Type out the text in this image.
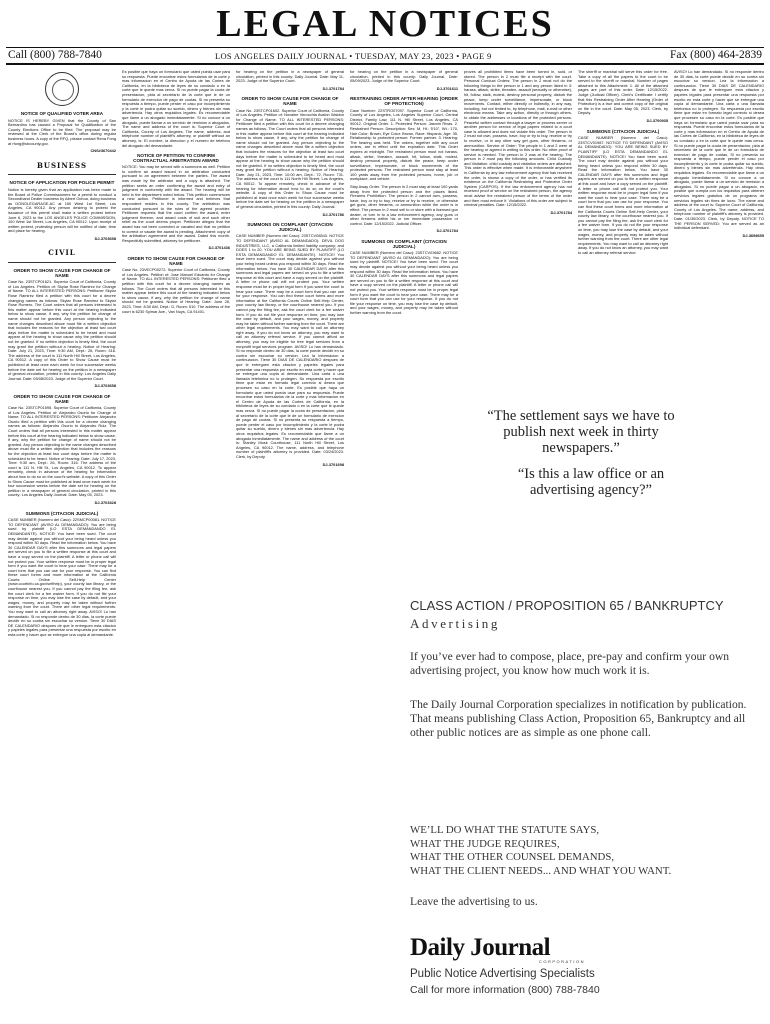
LEGAL NOTICES
Call (800) 788-7840	LOS ANGELES DAILY JOURNAL • TUESDAY, MAY 23, 2023 • PAGE 9	Fax (800) 464-2839
NOTICE OF QUALIFIED VOTER AREA

NOTICE IS HEREBY GIVEN that the County of San Bernardino has caused a Proposal for Qualification of the County Elections Office to be filed. The proposal may be reviewed at the Clerk of the Board's office during regular business hours. A copy of the RFQ, please contact Rena Fong at rfong@sbcounty.gov.

CNS#3670442

BUSINESS
NOTICE OF APPLICATION FOR POLICE PERMIT

Notice is hereby given that an application has been made to the Board of Police Commissioners for a permit to conduct a Secondhand Dealer business by Albert Ochoa, doing business as DONGLEGARAGE.AC at 150 West 1st Street, Los Angeles, CA 90012. Any person desiring to protest the issuance of this permit shall make a written protest before June 6, 2023 to the LOS ANGELES POLICE COMMISSION, 100 West 1st Street, Los Angeles, CA 90012. Upon receipt of written protest, protesting person will be notified of date, time and place for hearing.

DJ-3703698

CIVIL
ORDER TO SHOW CAUSE FOR CHANGE OF NAME

Case No. 23STCP01621. Superior Court of California, County of Los Angeles. Petition of: Skylar Rose Ramirez for Change of Name. TO ALL INTERESTED PERSONS: Petitioner Skylar Rose Ramirez filed a petition with this court for a decree changing names as follows: Skylar Rose Ramirez to Skylar Rose Romero. The Court orders that all persons interested in this matter appear before this court at the hearing indicated below to show cause, if any, why the petition for change of name should not be granted. Any person objecting to the name changes described above must file a written objection that includes the reasons for the objection at least two court days before the matter is scheduled to be heard and must appear at the hearing to show cause why the petition should not be granted. If no written objection is timely filed, the court may grant the petition without a hearing. Notice of Hearing: Date: July 21, 2023, Time: 9:30 AM, Dept.: 26, Room: 316. The address of the court is 111 North Hill Street, Los Angeles, CA 90012. A copy of this Order to Show Cause must be published at least once each week for four successive weeks before the date set for hearing on the petition in a newspaper of general circulation, printed in this county: Los Angeles Daily Journal. Date: 05/08/2023. Judge of the Superior Court.

DJ-3703658

ORDER TO SHOW CAUSE FOR CHANGE OF NAME

Case No. 23STCP01595. Superior Court of California, County of Los Angeles. Petition of: Alejandro Osorio for Change of Name. TO ALL INTERESTED PERSONS: Petitioner Alejandro Osorio filed a petition with this court for a decree changing names as follows: Alejandro Osorio to Alejandro Ruiz. The Court orders that all persons interested in this matter appear before this court at the hearing indicated below to show cause, if any, why the petition for change of name should not be granted. Any person objecting to the name changes described above must file a written objection that includes the reasons for the objection at least two court days before the matter is scheduled to be heard. Notice of Hearing: Date: July 17, 2023, Time: 9:30 am, Dept.: 26, Room: 316. The address of the court is 111 N. Hill St., Los Angeles, CA 90012. To appear remotely, check in advance of the hearing for information about how to do so on the court's website. A copy of this Order to Show Cause must be published at least once each week for four successive weeks before the date set for hearing on the petition in a newspaper of general circulation, printed in this county: Los Angeles Daily Journal. Date: May 05, 2023.

DJ-3703328

SUMMONS (CITACION JUDICIAL)

CASE NUMBER (Numero del Caso): 22SMCP00081. NOTICE TO DEFENDANT (AVISO AL DEMANDADO): You are being sued by plaintiff (LO ESTA DEMANDANDO EL DEMANDANTE). NOTICE! You have been sued. The court may decide against you without your being heard unless you respond within 30 days. Read the information below. You have 30 CALENDAR DAYS after this summons and legal papers are served on you to file a written response at this court and have a copy served on the plaintiff. A letter or phone call will not protect you. Your written response must be in proper legal form if you want the court to hear your case. There may be a court form that you can use for your response. You can find these court forms and more information at the California Courts Online Self-Help Center (www.courtinfo.ca.gov/selfhelp), your county law library, or the courthouse nearest you. If you cannot pay the filing fee, ask the court clerk for a fee waiver form. If you do not file your response on time, you may lose the case by default, and your wages, money, and property may be taken without further warning from the court. There are other legal requirements. You may want to call an attorney right away. AVISO! Lo han demandado. Si no responde dentro de 30 dias, la corte puede decidir en su contra sin escuchar su version. Tiene 30 DIAS DE CALENDARIO despues de que le entreguen esta citacion y papeles legales para presentar una respuesta por escrito en esta corte y hacer que se entregue una copia al demandante.

Es posible que haya un formulario que usted pueda usar para su respuesta. Puede encontrar estos formularios de la corte y mas informacion en el Centro de Ayuda de las Cortes de California, en la biblioteca de leyes de su condado o en la corte que le quede mas cerca. Si no puede pagar la cuota de presentacion, pida al secretario de la corte que le de un formulario de exencion de pago de cuotas. Si no presenta su respuesta a tiempo, puede perder el caso por incumplimiento y la corte le podra quitar su sueldo, dinero y bienes sin mas advertencia. Hay otros requisitos legales. Es recomendable que llame a un abogado inmediatamente. Si no conoce a un abogado, puede llamar a un servicio de remision a abogados. The name and address of the court is: Superior Court of California, County of Los Angeles. The name, address, and telephone number of plaintiff's attorney, or plaintiff without an attorney, is: El nombre, la direccion y el numero de telefono del abogado del demandante.

NOTICE OF PETITION TO CONFIRM CONTRACTUAL ARBITRATION AWARD

NOTICE: You may be served with a summons as well. Petition to confirm an award issued in an arbitration conducted pursuant to an agreement between the parties. The award was made by the arbitrator and a copy is attached. The petition seeks an order confirming the award and entry of judgment in conformity with the award. The hearing will be held in the department noted below. This petition commences a new action. Petitioner is informed and believes that respondent resides in this county. The arbitration was conducted pursuant to the rules of the agreed provider. Petitioner requests that the court confirm the award, enter judgment thereon, and award costs of suit and such other relief as the court deems proper. Petitioner alleges that the award has not been corrected or vacated and that no petition to correct or vacate the award is pending. Attachment: copy of the arbitration agreement and the award. Dated this month. Respectfully submitted, attorney for petitioner.

DJ-3701436

ORDER TO SHOW CAUSE FOR CHANGE OF NAME

Case No. 23VECP00272. Superior Court of California, County of Los Angeles. Petition of: Jose Manuel Eduardo for Change of Name. TO ALL INTERESTED PERSONS: Petitioner filed a petition with this court for a decree changing names as follows. The Court orders that all persons interested in this matter appear before this court at the hearing indicated below to show cause, if any, why the petition for change of name should not be granted. Notice of Hearing: Date: June 28, 2023, Time: 8:30 AM, Dept.: D, Room: 510. The address of the court is 6230 Sylmar Ave., Van Nuys, CA 91401.

for hearing on the petition in a newspaper of general circulation, printed in this county: Daily Journal. Date: May 11, 2023. Judge of the Superior Court.

DJ-3701784

ORDER TO SHOW CAUSE FOR CHANGE OF NAME

Case No. 23STCP01602. Superior Court of California, County of Los Angeles. Petition of: Novalee Verocchia Avalon Waldon for Change of Name. TO ALL INTERESTED PERSONS: Petitioner filed a petition with this court for a decree changing names as follows. The Court orders that all persons interested in this matter appear before this court at the hearing indicated below to show cause, if any, why the petition for change of name should not be granted. Any person objecting to the name changes described above must file a written objection that includes the reasons for the objection at least two court days before the matter is scheduled to be heard and must appear at the hearing to show cause why the petition should not be granted. If no written objection is timely filed, the court may grant the petition without a hearing. Notice of Hearing: Date: July 21, 2023, Time: 10:00 am, Dept.: 72, Room: 731. The address of the court is 111 North Hill Street, Los Angeles, CA 90012. To appear remotely, check in advance of the hearing for information about how to do so on the court's website. A copy of this Order to Show Cause must be published at least once each week for four successive weeks before the date set for hearing on the petition in a newspaper of general circulation, printed in this county: Daily Journal.

DJ-3701786

SUMMONS ON COMPLAINT (CITACION JUDICIAL)

CASE NUMBER (Numero del Caso): 23STCV08543. NOTICE TO DEFENDANT (AVISO AL DEMANDADO): DEVIL DOG INDUSTRIES, LLC, a California limited liability company; and DOES 1 to 20. YOU ARE BEING SUED BY PLAINTIFF (LO ESTA DEMANDANDO EL DEMANDANTE). NOTICE! You have been sued. The court may decide against you without your being heard unless you respond within 30 days. Read the information below. You have 30 CALENDAR DAYS after this summons and legal papers are served on you to file a written response at this court and have a copy served on the plaintiff. A letter or phone call will not protect you. Your written response must be in proper legal form if you want the court to hear your case. There may be a court form that you can use for your response. You can find these court forms and more information at the California Courts Online Self-Help Center, your county law library, or the courthouse nearest you. If you cannot pay the filing fee, ask the court clerk for a fee waiver form. If you do not file your response on time, you may lose the case by default, and your wages, money, and property may be taken without further warning from the court. There are other legal requirements. You may want to call an attorney right away. If you do not know an attorney, you may want to call an attorney referral service. If you cannot afford an attorney, you may be eligible for free legal services from a nonprofit legal services program. AVISO! Lo han demandado. Si no responde dentro de 30 dias, la corte puede decidir en su contra sin escuchar su version. Lea la informacion a continuacion. Tiene 30 DIAS DE CALENDARIO despues de que le entreguen esta citacion y papeles legales para presentar una respuesta por escrito en esta corte y hacer que se entregue una copia al demandante. Una carta o una llamada telefonica no lo protegen. Su respuesta por escrito tiene que estar en formato legal correcto si desea que procesen su caso en la corte. Es posible que haya un formulario que usted pueda usar para su respuesta. Puede encontrar estos formularios de la corte y mas informacion en el Centro de Ayuda de las Cortes de California, en la biblioteca de leyes de su condado o en la corte que le quede mas cerca. Si no puede pagar la cuota de presentacion, pida al secretario de la corte que le de un formulario de exencion de pago de cuotas. Si no presenta su respuesta a tiempo, puede perder el caso por incumplimiento y la corte le podra quitar su sueldo, dinero y bienes sin mas advertencia. Hay otros requisitos legales. Es recomendable que llame a un abogado inmediatamente. The name and address of the court is: Stanley Mosk Courthouse, 111 North Hill Street, Los Angeles, CA 90012. The name, address, and telephone number of plaintiff's attorney is provided. Date: 03/24/2023. Clerk, by Deputy.

DJ-3701698

for hearing on the petition in a newspaper of general circulation, printed in this county: Daily Journal. Date: 05/09/2023. Judge of the Superior Court.

DJ-3701611

RESTRAINING ORDER AFTER HEARING (ORDER OF PROTECTION)

Case Number: 22STRO07097. Superior Court of California, County of Los Angeles, Los Angeles Superior Court, Central District, Family Law, 111 N. Hill Street, Los Angeles, CA 90012. Original Order. 1. Protected Person: Jasmin Rivas. 2. Restrained Person: Description: Sex: M, Ht.: 5'10", Wt.: 170, Hair Color: Brown, Eye Color: Brown, Race: Hispanic, Age: 35. Relationship to protected person: Former partner. 3. Hearing: The hearing was held. The orders, together with any court orders, are in effect until the expiration date. This Order expires at midnight. The restrained person must not harass, attack, strike, threaten, assault, hit, follow, stalk, molest, destroy personal property, disturb the peace, keep under surveillance, impersonate, or block movements of the protected persons. The restrained person must stay at least 100 yards away from the protected persons, home, job or workplace, and vehicle.

Stay Away Order. The person in 2 must stay at least 100 yards away from the protected person and the places listed. Firearms Prohibition: The person in 2 cannot own, possess, have, buy or try to buy, receive or try to receive, or otherwise get guns, other firearms, or ammunition while the order is in effect. The person in 2 must sell to or store with a licensed gun dealer, or turn in to a law enforcement agency, any guns or other firearms within his or her immediate possession or control. Date: 12/15/2022. Judicial Officer.

DJ-3701784

SUMMONS ON COMPLAINT (CITACION JUDICIAL)

CASE NUMBER (Numero del Caso): 23STCV03682. NOTICE TO DEFENDANT (AVISO AL DEMANDADO): You are being sued by plaintiff. NOTICE! You have been sued. The court may decide against you without your being heard unless you respond within 30 days. Read the information below. You have 30 CALENDAR DAYS after this summons and legal papers are served on you to file a written response at this court and have a copy served on the plaintiff. A letter or phone call will not protect you. Your written response must be in proper legal form if you want the court to hear your case. There may be a court form that you can use for your response. If you do not file your response on time, you may lose the case by default, and your wages, money, and property may be taken without further warning from the court.

proves all prohibited items have been turned in, sold, or stored. The person in 2 must file a receipt with the court. Personal Conduct Orders: The person in 2 must not do the following things to the person in 1 and any person listed in 3: harass, attack, strike, threaten, assault (sexually or otherwise), hit, follow, stalk, molest, destroy personal property, disturb the peace, keep under surveillance, impersonate, or block movements. Contact, either directly or indirectly, in any way, including, but not limited to, by telephone, mail, e-mail or other electronic means. Take any action, directly or through others, to obtain the addresses or locations of the protected persons. Peaceful written contact through a lawyer or process server or another person for service of legal papers related to a court case is allowed and does not violate this order. The person in 2 must not own, possess, have, buy or try to buy, receive or try to receive, or in any other way get guns, other firearms, or ammunition. Service of Order: The people in 1 and 2 were at the hearing or agreed in writing to this order. No other proof of service is needed. The person in 2 was at the hearing. The person in 2 must pay the following amounts. Child Custody and Visitation: child custody and visitation orders are attached. This order is effective when made. It is enforceable anywhere in California by any law enforcement agency that has received the order, is shown a copy of the order, or has verified its existence on the California Restraining and Protective Order System (CARPOS). If the law enforcement agency has not received proof of service on the restrained person, the agency must advise the restrained person of the terms of the order and then must enforce it. Violations of this order are subject to criminal penalties. Date: 12/15/2022.

DJ-3701784

The sheriff or marshal will serve this order for free. Take a copy of all the papers to the court to be served to the sheriff or marshal. Number of pages attached to this Attachment: 1. All of the attached pages are part of this order. Date: 12/15/2022. Judge (Judicial Officer). Clerk's Certificate: I certify that this Restraining Order After Hearing (Order of Protection) is a true and correct copy of the original on file in the court. Date: May 05, 2023. Clerk, by Deputy.

DJ-3700935

SUMMONS (CITACION JUDICIAL)

CASE NUMBER (Numero del Caso): 23STCV01987. NOTICE TO DEFENDANT (AVISO AL DEMANDADO): YOU ARE BEING SUED BY PLAINTIFF (LO ESTA DEMANDANDO EL DEMANDANTE). NOTICE! You have been sued. The court may decide against you without your being heard unless you respond within 30 days. Read the information below. You have 30 CALENDAR DAYS after this summons and legal papers are served on you to file a written response at this court and have a copy served on the plaintiff. A letter or phone call will not protect you. Your written response must be in proper legal form if you want the court to hear your case. There may be a court form that you can use for your response. You can find these court forms and more information at the California Courts Online Self-Help Center, your county law library, or the courthouse nearest you. If you cannot pay the filing fee, ask the court clerk for a fee waiver form. If you do not file your response on time, you may lose the case by default, and your wages, money, and property may be taken without further warning from the court. There are other legal requirements. You may want to call an attorney right away. If you do not know an attorney, you may want to call an attorney referral service.

AVISO! Lo han demandado. Si no responde dentro de 30 dias, la corte puede decidir en su contra sin escuchar su version. Lea la informacion a continuacion. Tiene 30 DIAS DE CALENDARIO despues de que le entreguen esta citacion y papeles legales para presentar una respuesta por escrito en esta corte y hacer que se entregue una copia al demandante. Una carta o una llamada telefonica no lo protegen. Su respuesta por escrito tiene que estar en formato legal correcto si desea que procesen su caso en la corte. Es posible que haya un formulario que usted pueda usar para su respuesta. Puede encontrar estos formularios de la corte y mas informacion en el Centro de Ayuda de las Cortes de California, en la biblioteca de leyes de su condado o en la corte que le quede mas cerca. Si no puede pagar la cuota de presentacion, pida al secretario de la corte que le de un formulario de exencion de pago de cuotas. Si no presenta su respuesta a tiempo, puede perder el caso por incumplimiento y la corte le podra quitar su sueldo, dinero y bienes sin mas advertencia. Hay otros requisitos legales. Es recomendable que llame a un abogado inmediatamente. Si no conoce a un abogado, puede llamar a un servicio de remision a abogados. Si no puede pagar a un abogado, es posible que cumpla con los requisitos para obtener servicios legales gratuitos de un programa de servicios legales sin fines de lucro. The name and address of the court is: Superior Court of California, County of Los Angeles. The name, address, and telephone number of plaintiff's attorney is provided. Date: 01/30/2023. Clerk, by Deputy. NOTICE TO THE PERSON SERVED: You are served as an individual defendant.

DJ-3698655

“The settlement says we have to publish next week in thirty newspapers.”
“Is this a law office or an advertising agency?”
CLASS ACTION / PROPOSITION 65 / BANKRUPTCY
Advertising
If you’ve ever had to compose, place, pre-pay and confirm your own advertising project, you know how much work it is.
The Daily Journal Corporation specializes in notification by publication. That means publishing Class Action, Proposition 65, Bankruptcy and all other public notices are as simple as one phone call.
WE’LL DO WHAT THE STATUTE SAYS,
WHAT THE JUDGE REQUIRES,
WHAT THE OTHER COUNSEL DEMANDS,
WHAT THE CLIENT NEEDS... AND WHAT YOU WANT.
Leave the advertising to us.
Daily Journal
CORPORATION
Public Notice Advertising Specialists
Call for more information (800) 788-7840
